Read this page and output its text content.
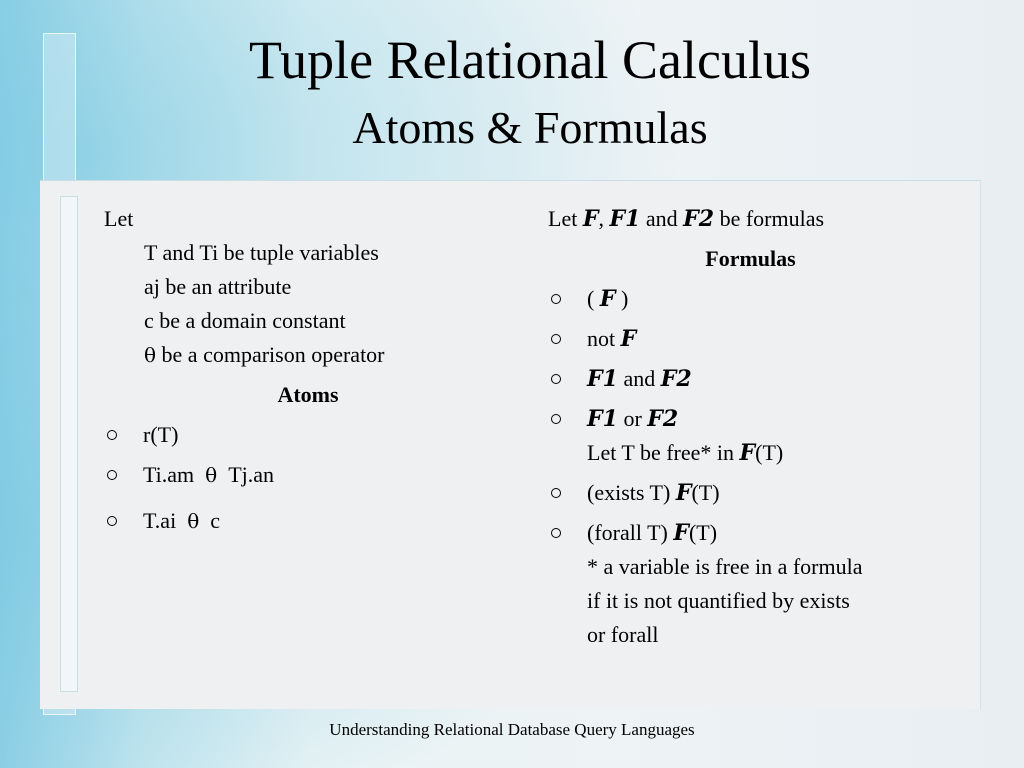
Tuple Relational Calculus
Atoms & Formulas
Let
T and Ti be tuple variables
aj be an attribute
c be a domain constant
θ be a comparison operator
Atoms
r(T)
Ti.am θ Tj.an
T.ai θ c
Let F, F1 and F2 be formulas
Formulas
( F )
not F
F1 and F2
F1 or F2
Let T be free* in F(T)
(exists T) F(T)
(forall T) F(T)
* a variable is free in a formula
if it is not quantified by exists
or forall
Understanding Relational Database Query Languages
